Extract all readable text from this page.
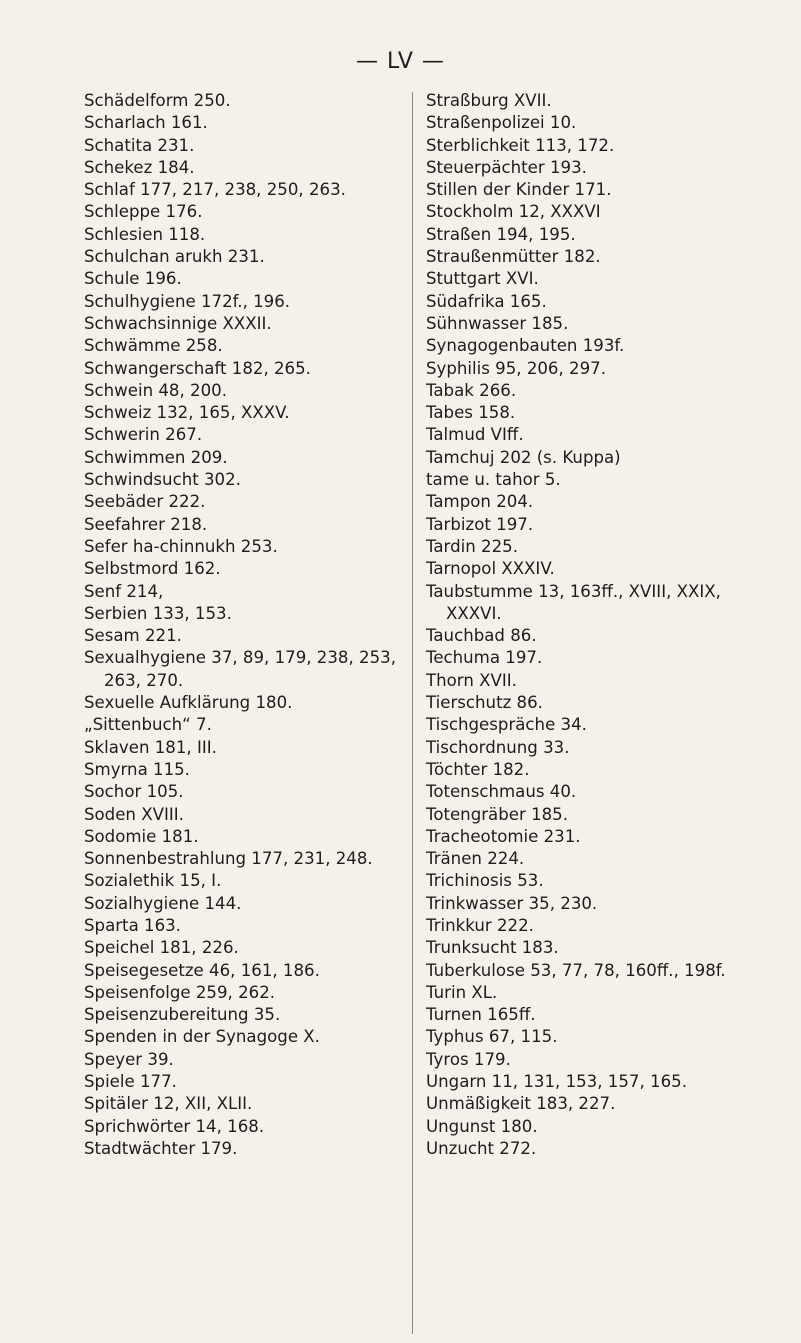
— LV —
Schädelform 250.
Scharlach 161.
Schatita 231.
Schekez 184.
Schlaf 177, 217, 238, 250, 263.
Schleppe 176.
Schlesien 118.
Schulchan arukh 231.
Schule 196.
Schulhygiene 172f., 196.
Schwachsinnige XXXII.
Schwämme 258.
Schwangerschaft 182, 265.
Schwein 48, 200.
Schweiz 132, 165, XXXV.
Schwerin 267.
Schwimmen 209.
Schwindsucht 302.
Seebäder 222.
Seefahrer 218.
Sefer ha-chinnukh 253.
Selbstmord 162.
Senf 214,
Serbien 133, 153.
Sesam 221.
Sexualhygiene 37, 89, 179, 238, 253,
263, 270.
Sexuelle Aufklärung 180.
„Sittenbuch“ 7.
Sklaven 181, III.
Smyrna 115.
Sochor 105.
Soden XVIII.
Sodomie 181.
Sonnenbestrahlung 177, 231, 248.
Sozialethik 15, I.
Sozialhygiene 144.
Sparta 163.
Speichel 181, 226.
Speisegesetze 46, 161, 186.
Speisenfolge 259, 262.
Speisenzubereitung 35.
Spenden in der Synagoge X.
Speyer 39.
Spiele 177.
Spitäler 12, XII, XLII.
Sprichwörter 14, 168.
Stadtwächter 179.
Straßburg XVII.
Straßenpolizei 10.
Sterblichkeit 113, 172.
Steuerpächter 193.
Stillen der Kinder 171.
Stockholm 12, XXXVI
Straßen 194, 195.
Straußenmütter 182.
Stuttgart XVI.
Südafrika 165.
Sühnwasser 185.
Synagogenbauten 193f.
Syphilis 95, 206, 297.
Tabak 266.
Tabes 158.
Talmud VIff.
Tamchuj 202 (s. Kuppa)
tame u. tahor 5.
Tampon 204.
Tarbizot 197.
Tardin 225.
Tarnopol XXXIV.
Taubstumme 13, 163ff., XVIII, XXIX,
XXXVI.
Tauchbad 86.
Techuma 197.
Thorn XVII.
Tierschutz 86.
Tischgespräche 34.
Tischordnung 33.
Töchter 182.
Totenschmaus 40.
Totengräber 185.
Tracheotomie 231.
Tränen 224.
Trichinosis 53.
Trinkwasser 35, 230.
Trinkkur 222.
Trunksucht 183.
Tuberkulose 53, 77, 78, 160ff., 198f.
Turin XL.
Turnen 165ff.
Typhus 67, 115.
Tyros 179.
Ungarn 11, 131, 153, 157, 165.
Unmäßigkeit 183, 227.
Ungunst 180.
Unzucht 272.
